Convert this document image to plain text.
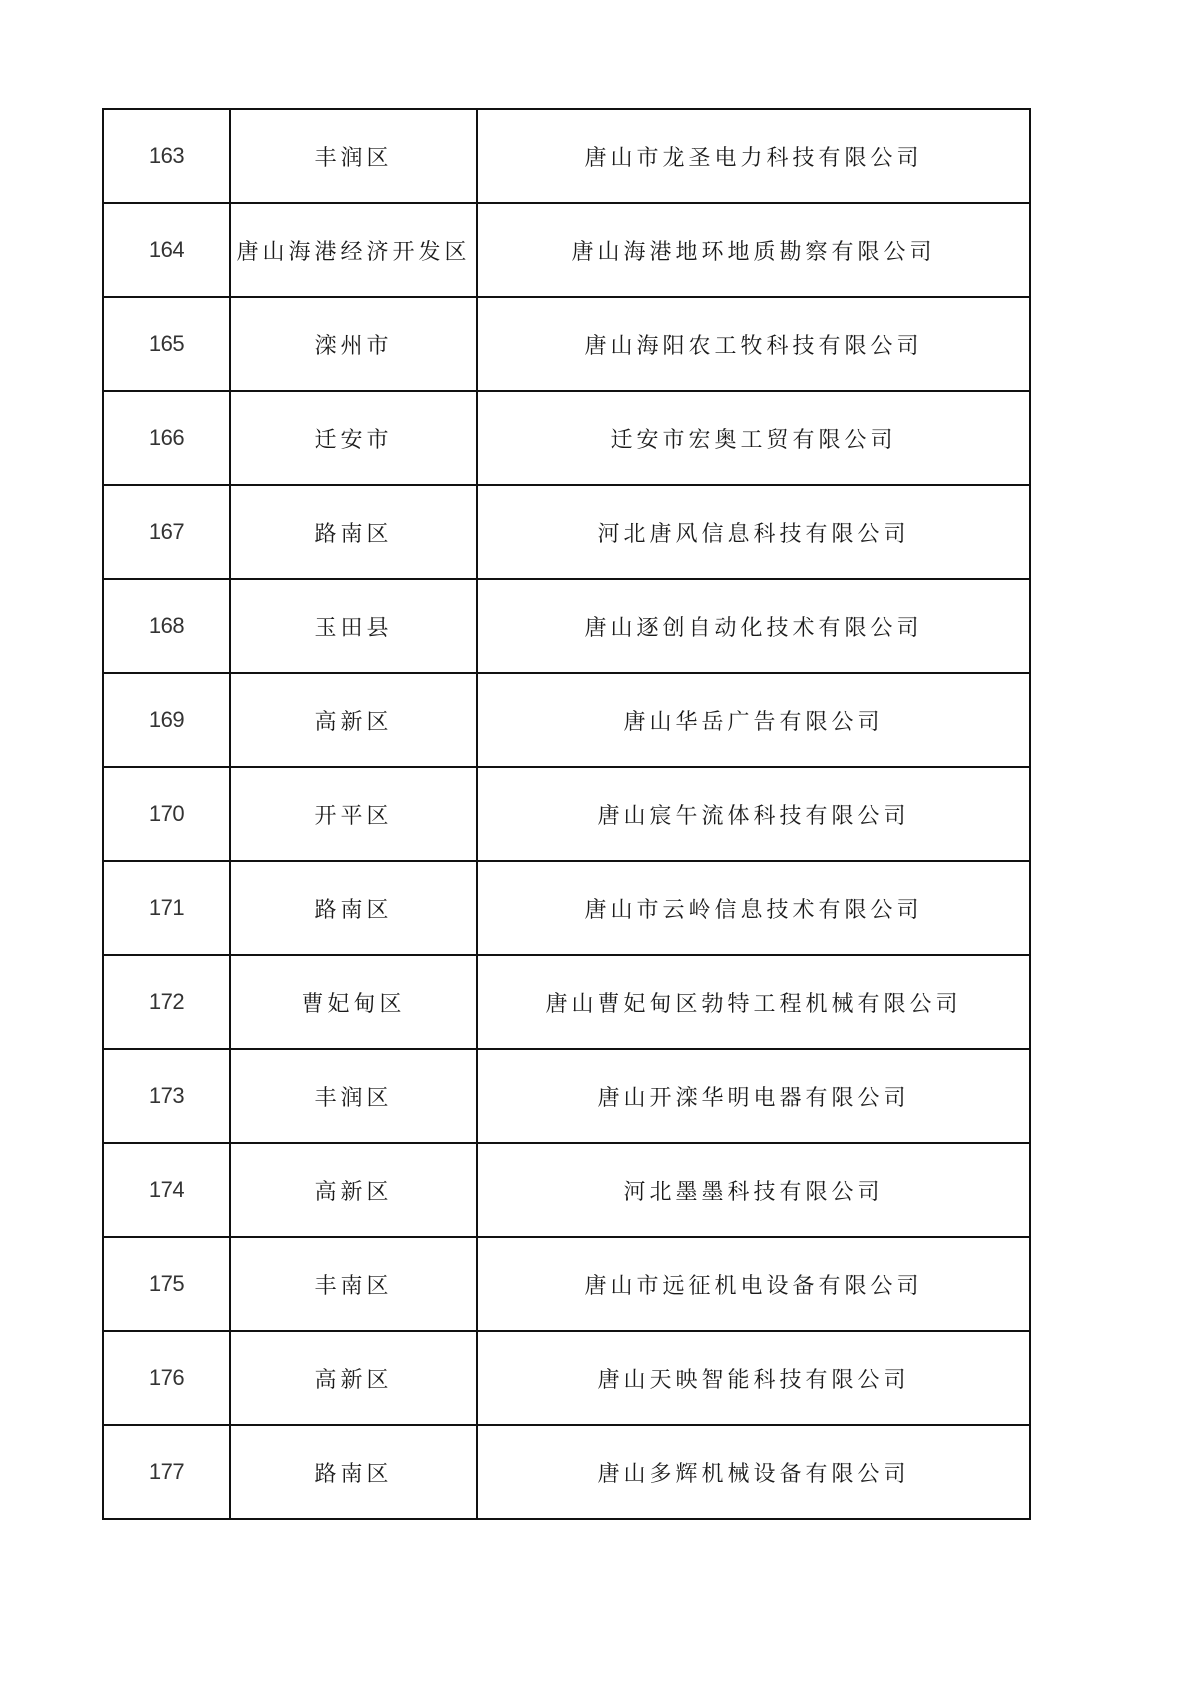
163	丰润区	唐山市龙圣电力科技有限公司
164	唐山海港经济开发区	唐山海港地环地质勘察有限公司
165	滦州市	唐山海阳农工牧科技有限公司
166	迁安市	迁安市宏奥工贸有限公司
167	路南区	河北唐风信息科技有限公司
168	玉田县	唐山逐创自动化技术有限公司
169	高新区	唐山华岳广告有限公司
170	开平区	唐山宸午流体科技有限公司
171	路南区	唐山市云岭信息技术有限公司
172	曹妃甸区	唐山曹妃甸区勃特工程机械有限公司
173	丰润区	唐山开滦华明电器有限公司
174	高新区	河北墨墨科技有限公司
175	丰南区	唐山市远征机电设备有限公司
176	高新区	唐山天映智能科技有限公司
177	路南区	唐山多辉机械设备有限公司
